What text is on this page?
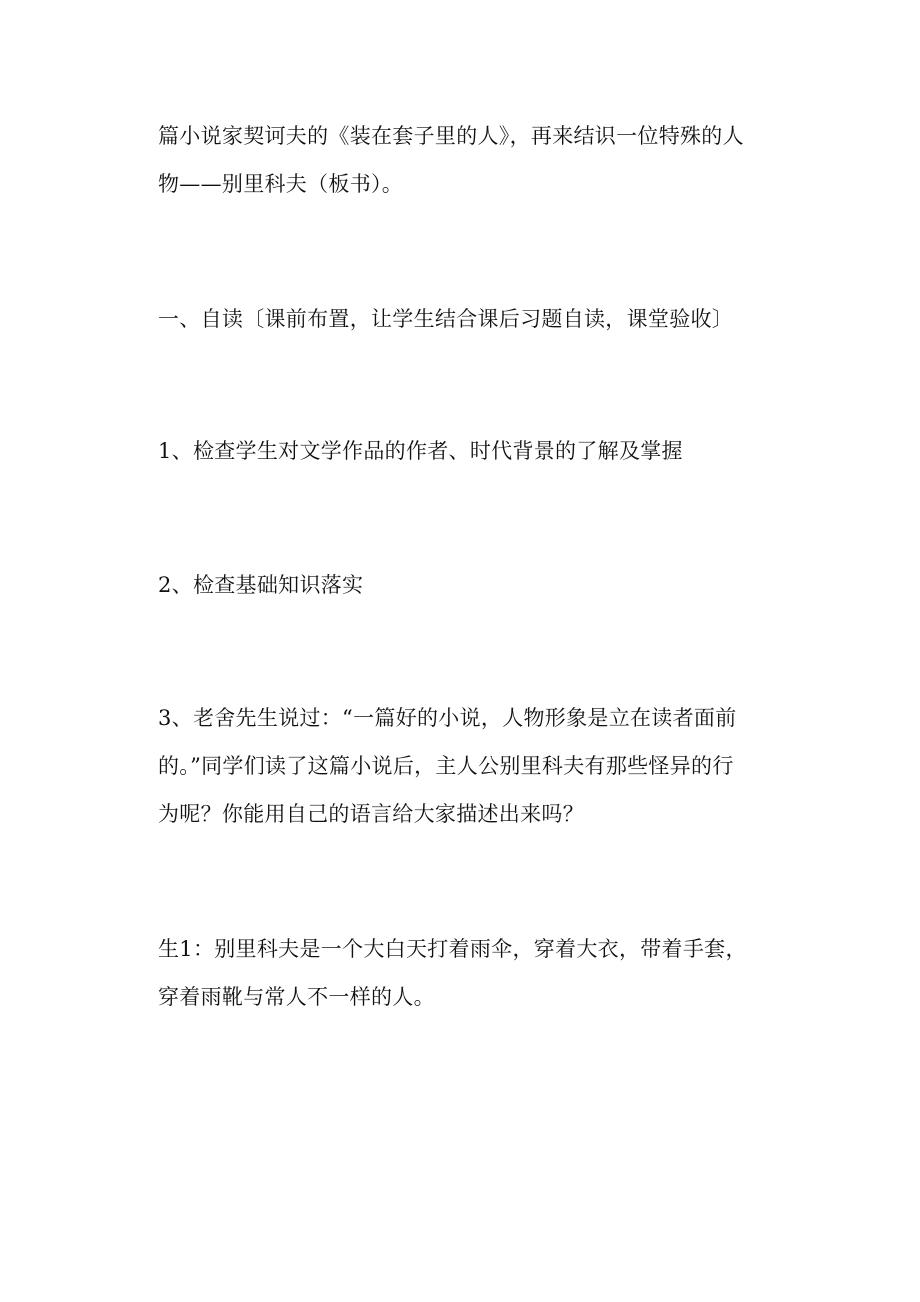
篇小说家契诃夫的《装在套子里的人》，再来结识一位特殊的人
物——别里科夫（板书）。
一、自读〔课前布置，让学生结合课后习题自读，课堂验收〕
1、检查学生对文学作品的作者、时代背景的了解及掌握
2、检查基础知识落实
3、老舍先生说过：“一篇好的小说，人物形象是立在读者面前
的。”同学们读了这篇小说后，主人公别里科夫有那些怪异的行
为呢？你能用自己的语言给大家描述出来吗？
生1：别里科夫是一个大白天打着雨伞，穿着大衣，带着手套，
穿着雨靴与常人不一样的人。
